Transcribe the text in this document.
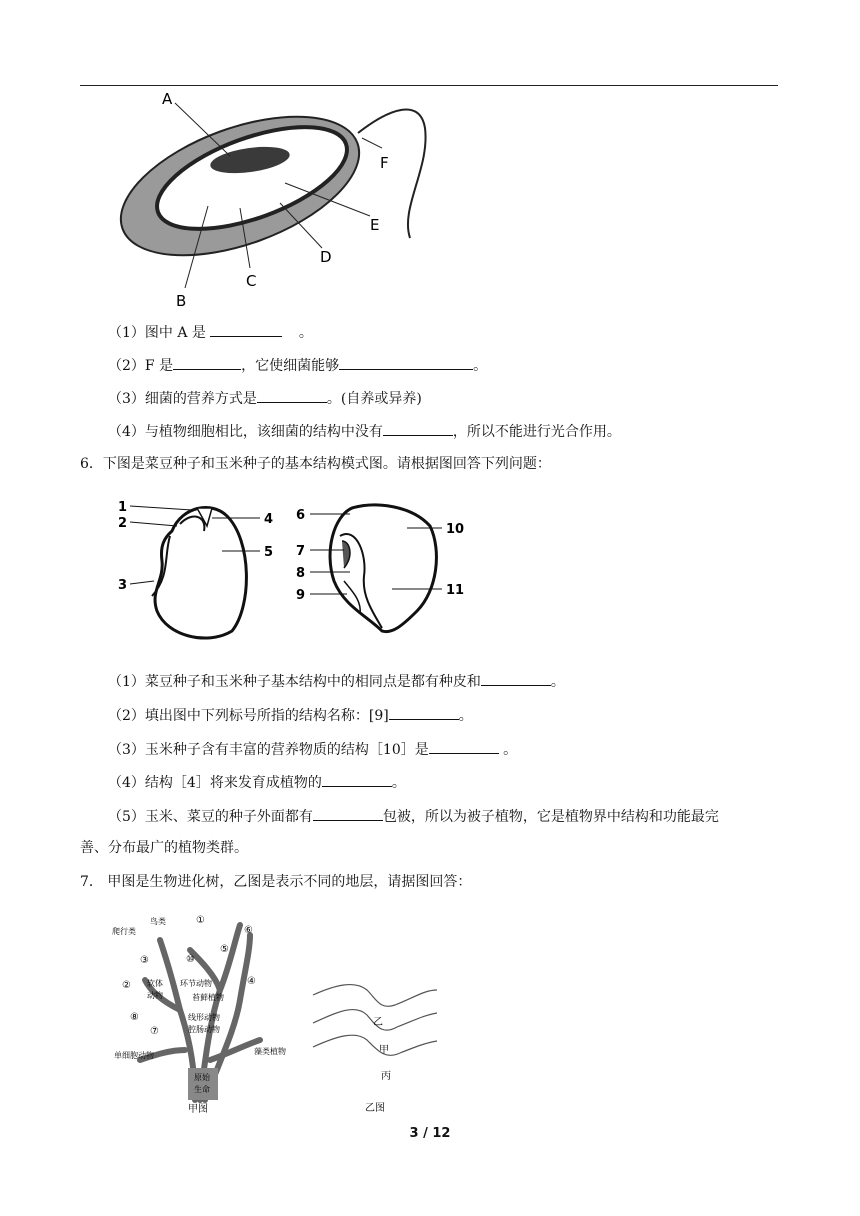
A
B
C
D
E
F
（1）图中 A 是	。
（2）F 是	，它使细菌能够	。
（3）细菌的营养方式是	。(自养或异养)
（4）与植物细胞相比，该细菌的结构中没有	，所以不能进行光合作用。
6．下图是菜豆种子和玉米种子的基本结构模式图。请根据图回答下列问题：
1
2
3
4
5
6
7
8
9
10
11
（1）菜豆种子和玉米种子基本结构中的相同点是都有种皮和	。
（2）填出图中下列标号所指的结构名称：[9]	。
（3）玉米种子含有丰富的营养物质的结构［10］是	。
（4）结构［4］将来发育成植物的	。
（5）玉米、菜豆的种子外面都有	包被，所以为被子植物，它是植物界中结构和功能最完
善、分布最广的植物类群。
7． 甲图是生物进化树，乙图是表示不同的地层，请据图回答：
爬行类
鸟类
软体
动物
环节动物
苔藓植物
线形动物
腔肠动物
单细胞动物	藻类植物
原始
生命
①
②
③
④
⑤
⑥
⑦
⑧
⑩
甲图
乙
甲
丙
乙图
3 / 12
